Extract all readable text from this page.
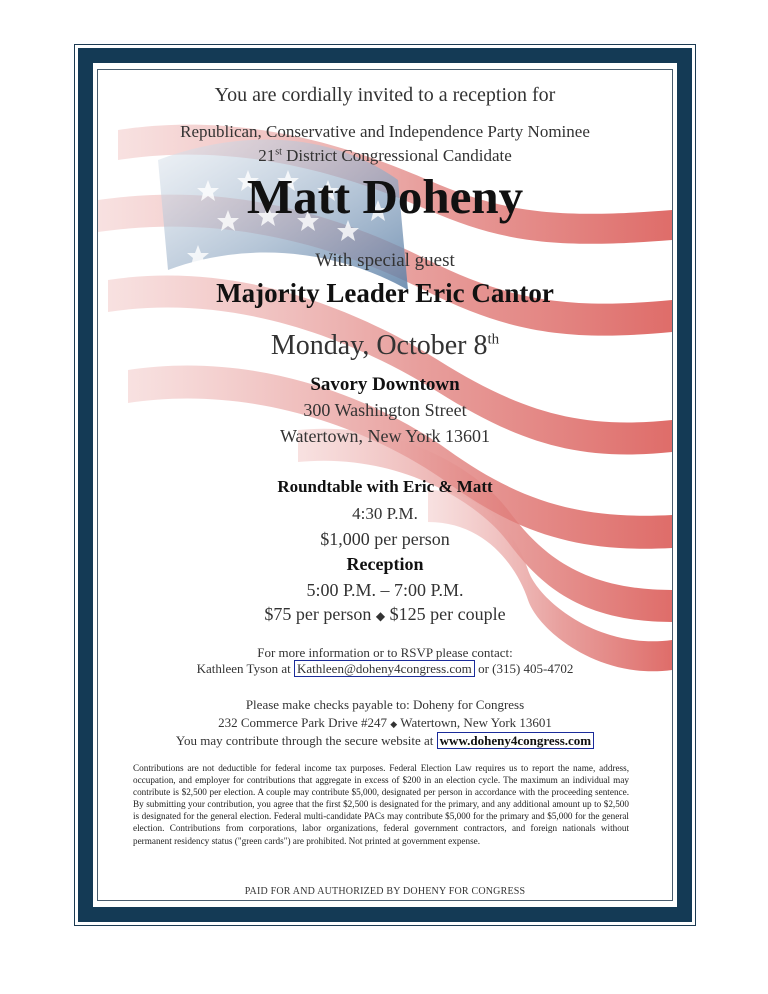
You are cordially invited to a reception for
Republican, Conservative and Independence Party Nominee
21st District Congressional Candidate
Matt Doheny
With special guest
Majority Leader Eric Cantor
Monday, October 8th
Savory Downtown
300 Washington Street
Watertown, New York 13601
Roundtable with Eric & Matt
4:30 P.M.
$1,000 per person
Reception
5:00 P.M. – 7:00 P.M.
$75 per person ◆ $125 per couple
For more information or to RSVP please contact:
Kathleen Tyson at Kathleen@doheny4congress.com or (315) 405-4702
Please make checks payable to: Doheny for Congress
232 Commerce Park Drive #247 ◆ Watertown, New York 13601
You may contribute through the secure website at www.doheny4congress.com
Contributions are not deductible for federal income tax purposes. Federal Election Law requires us to report the name, address, occupation, and employer for contributions that aggregate in excess of $200 in an election cycle. The maximum an individual may contribute is $2,500 per election. A couple may contribute $5,000, designated per person in accordance with the proceeding sentence. By submitting your contribution, you agree that the first $2,500 is designated for the primary, and any additional amount up to $2,500 is designated for the general election. Federal multi-candidate PACs may contribute $5,000 for the primary and $5,000 for the general election. Contributions from corporations, labor organizations, federal government contractors, and foreign nationals without permanent residency status ("green cards") are prohibited. Not printed at government expense.
PAID FOR AND AUTHORIZED BY DOHENY FOR CONGRESS
